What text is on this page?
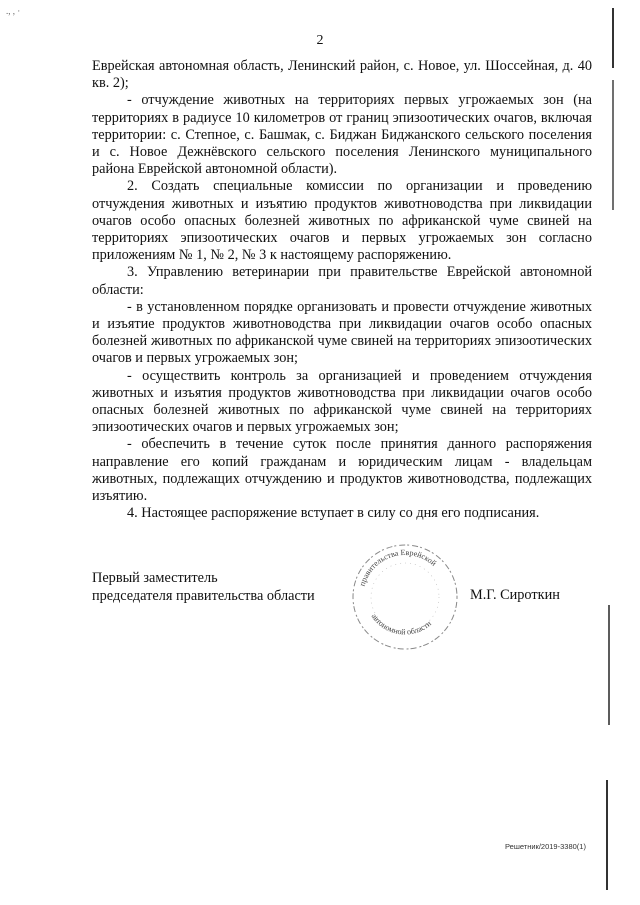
., , ·
2

Еврейская автономная область, Ленинский район, с. Новое, ул. Шоссейная, д. 40 кв. 2);

- отчуждение животных на территориях первых угрожаемых зон (на территориях в радиусе 10 километров от границ эпизоотических очагов, включая территории: с. Степное, с. Башмак, с. Биджан Биджанского сельского поселения и с. Новое Дежнёвского сельского поселения Ленинского муниципального района Еврейской автономной области).

2. Создать специальные комиссии по организации и проведению отчуждения животных и изъятию продуктов животноводства при ликвидации очагов особо опасных болезней животных по африканской чуме свиней на территориях эпизоотических очагов и первых угрожаемых зон согласно приложениям № 1, № 2, № 3 к настоящему распоряжению.

3. Управлению ветеринарии при правительстве Еврейской автономной области:

- в установленном порядке организовать и провести отчуждение животных и изъятие продуктов животноводства при ликвидации очагов особо опасных болезней животных по африканской чуме свиней на территориях эпизоотических очагов и первых угрожаемых зон;

- осуществить контроль за организацией и проведением отчуждения животных и изъятия продуктов животноводства при ликвидации очагов особо опасных болезней животных по африканской чуме свиней на территориях эпизоотических очагов и первых угрожаемых зон;

- обеспечить в течение суток после принятия данного распоряжения направление его копий гражданам и юридическим лицам - владельцам животных, подлежащих отчуждению и продуктов животноводства, подлежащих изъятию.

4. Настоящее распоряжение вступает в силу со дня его подписания.

Первый заместитель
председателя правительства области
правительства Еврейской
автономной области
М.Г. Сироткин
Решетник/2019-3380(1)
